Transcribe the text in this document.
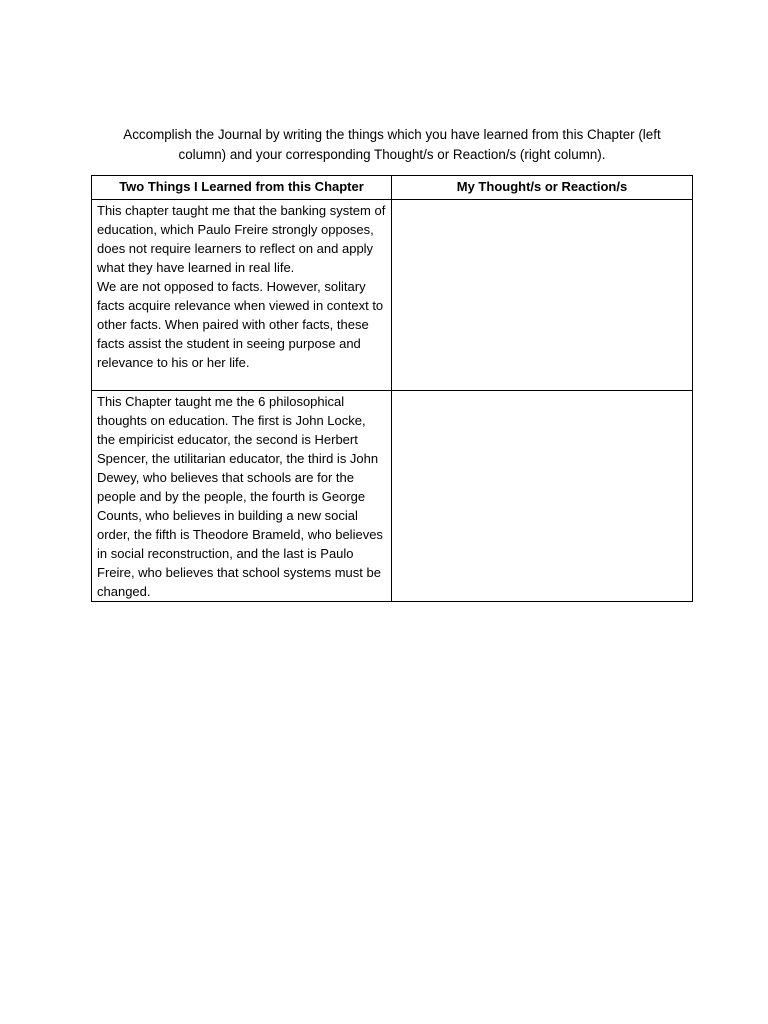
Accomplish the Journal by writing the things which you have learned from this Chapter (left
column) and your corresponding Thought/s or Reaction/s (right column).
Two Things I Learned from this Chapter	My Thought/s or Reaction/s

This chapter taught me that the banking system of education, which Paulo Freire strongly opposes, does not require learners to reflect on and apply what they have learned in real life.
We are not opposed to facts. However, solitary facts acquire relevance when viewed in context to other facts. When paired with other facts, these facts assist the student in seeing purpose and relevance to his or her life.	

This Chapter taught me the 6 philosophical thoughts on education. The first is John Locke, the empiricist educator, the second is Herbert Spencer, the utilitarian educator, the third is John Dewey, who believes that schools are for the people and by the people, the fourth is George Counts, who believes in building a new social order, the fifth is Theodore Brameld, who believes in social reconstruction, and the last is Paulo Freire, who believes that school systems must be changed.	
